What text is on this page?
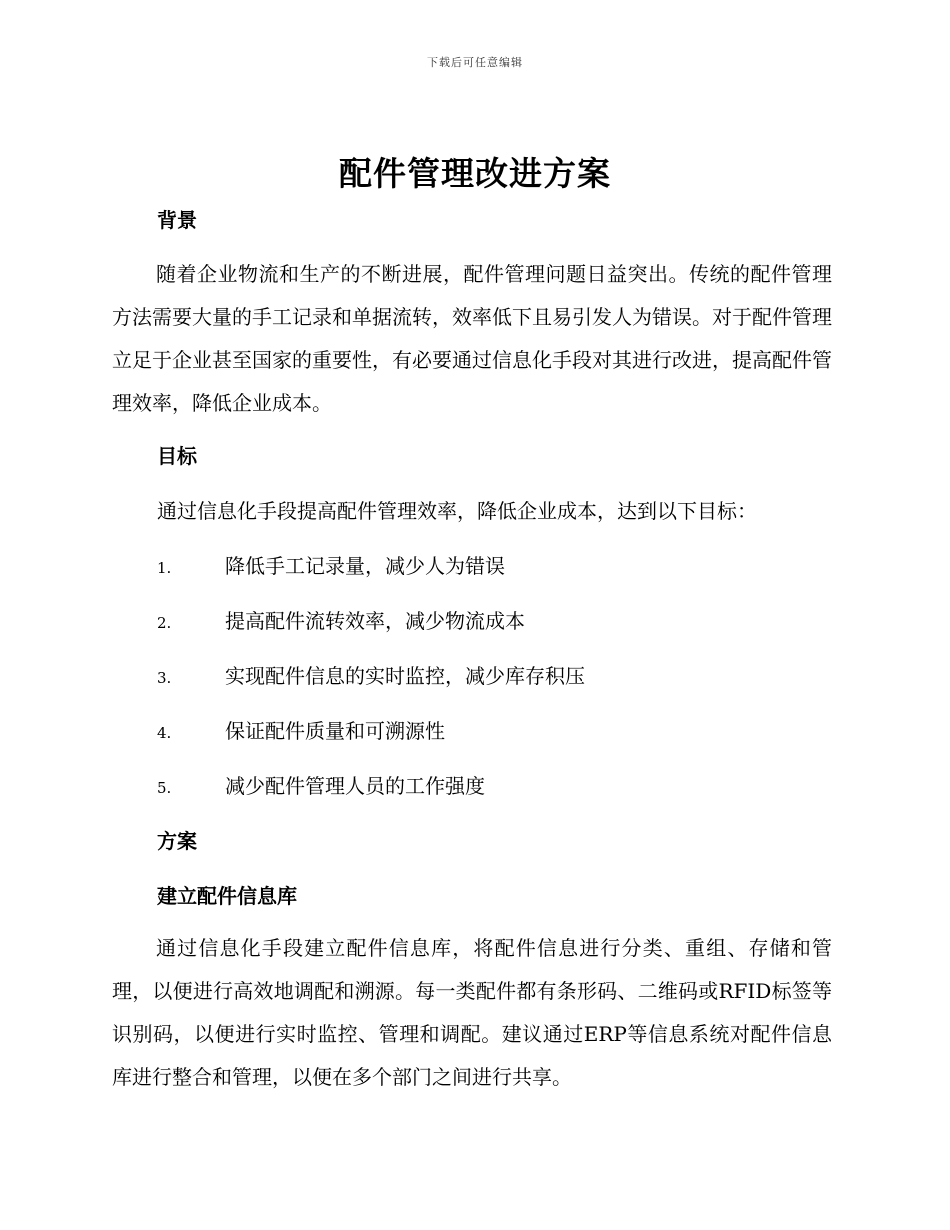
下载后可任意编辑
配件管理改进方案
背景
随着企业物流和生产的不断进展，配件管理问题日益突出。传统的配件管理方法需要大量的手工记录和单据流转，效率低下且易引发人为错误。对于配件管理立足于企业甚至国家的重要性，有必要通过信息化手段对其进行改进，提高配件管理效率，降低企业成本。
目标
通过信息化手段提高配件管理效率，降低企业成本，达到以下目标：
1.	降低手工记录量，减少人为错误
2.	提高配件流转效率，减少物流成本
3.	实现配件信息的实时监控，减少库存积压
4.	保证配件质量和可溯源性
5.	减少配件管理人员的工作强度
方案
建立配件信息库
通过信息化手段建立配件信息库，将配件信息进行分类、重组、存储和管理，以便进行高效地调配和溯源。每一类配件都有条形码、二维码或RFID标签等识别码，以便进行实时监控、管理和调配。建议通过ERP等信息系统对配件信息库进行整合和管理，以便在多个部门之间进行共享。
